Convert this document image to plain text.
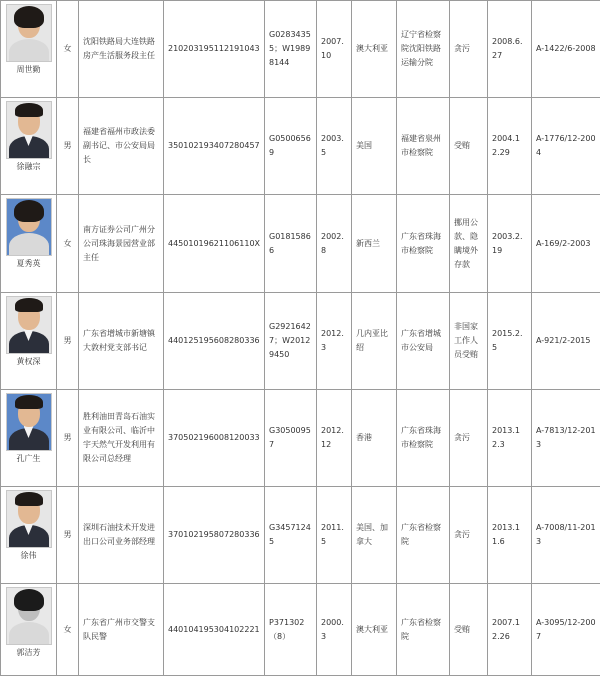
周世勤	女	沈阳铁路局大连铁路房产生活服务段主任	210203195112191043	G02834355；W19898144	2007.10	澳大利亚	辽宁省检察院沈阳铁路运输分院	贪污	2008.6.27	A-1422/6-2008

徐融宗	男	福建省福州市政法委副书记、市公安局局长	350102193407280457	G05006569	2003.5	美国	福建省泉州市检察院	受贿	2004.12.29	A-1776/12-2004

夏秀英	女	南方证券公司广州分公司珠海景园营业部主任	44501019621106110X	G01815866	2002.8	新西兰	广东省珠海市检察院	挪用公款、隐瞒境外存款	2003.2.19	A-169/2-2003

黄权深	男	广东省增城市新塘镇大敦村党支部书记	440125195608280336	G29216427；W20129450	2012.3	几内亚比绍	广东省增城市公安局	非国家工作人员受贿	2015.2.5	A-921/2-2015

孔广生	男	胜利油田青岛石油实业有限公司、临沂中宇天然气开发利用有限公司总经理	370502196008120033	G30500957	2012.12	香港	广东省珠海市检察院	贪污	2013.12.3	A-7813/12-2013

徐伟	男	深圳石油技术开发进出口公司业务部经理	370102195807280336	G34571245	2011.5	美国、加拿大	广东省检察院	贪污	2013.11.6	A-7008/11-2013

郭洁芳	女	广东省广州市交警支队民警	440104195304102221	P371302（8）	2000.3	澳大利亚	广东省检察院	受贿	2007.12.26	A-3095/12-2007
